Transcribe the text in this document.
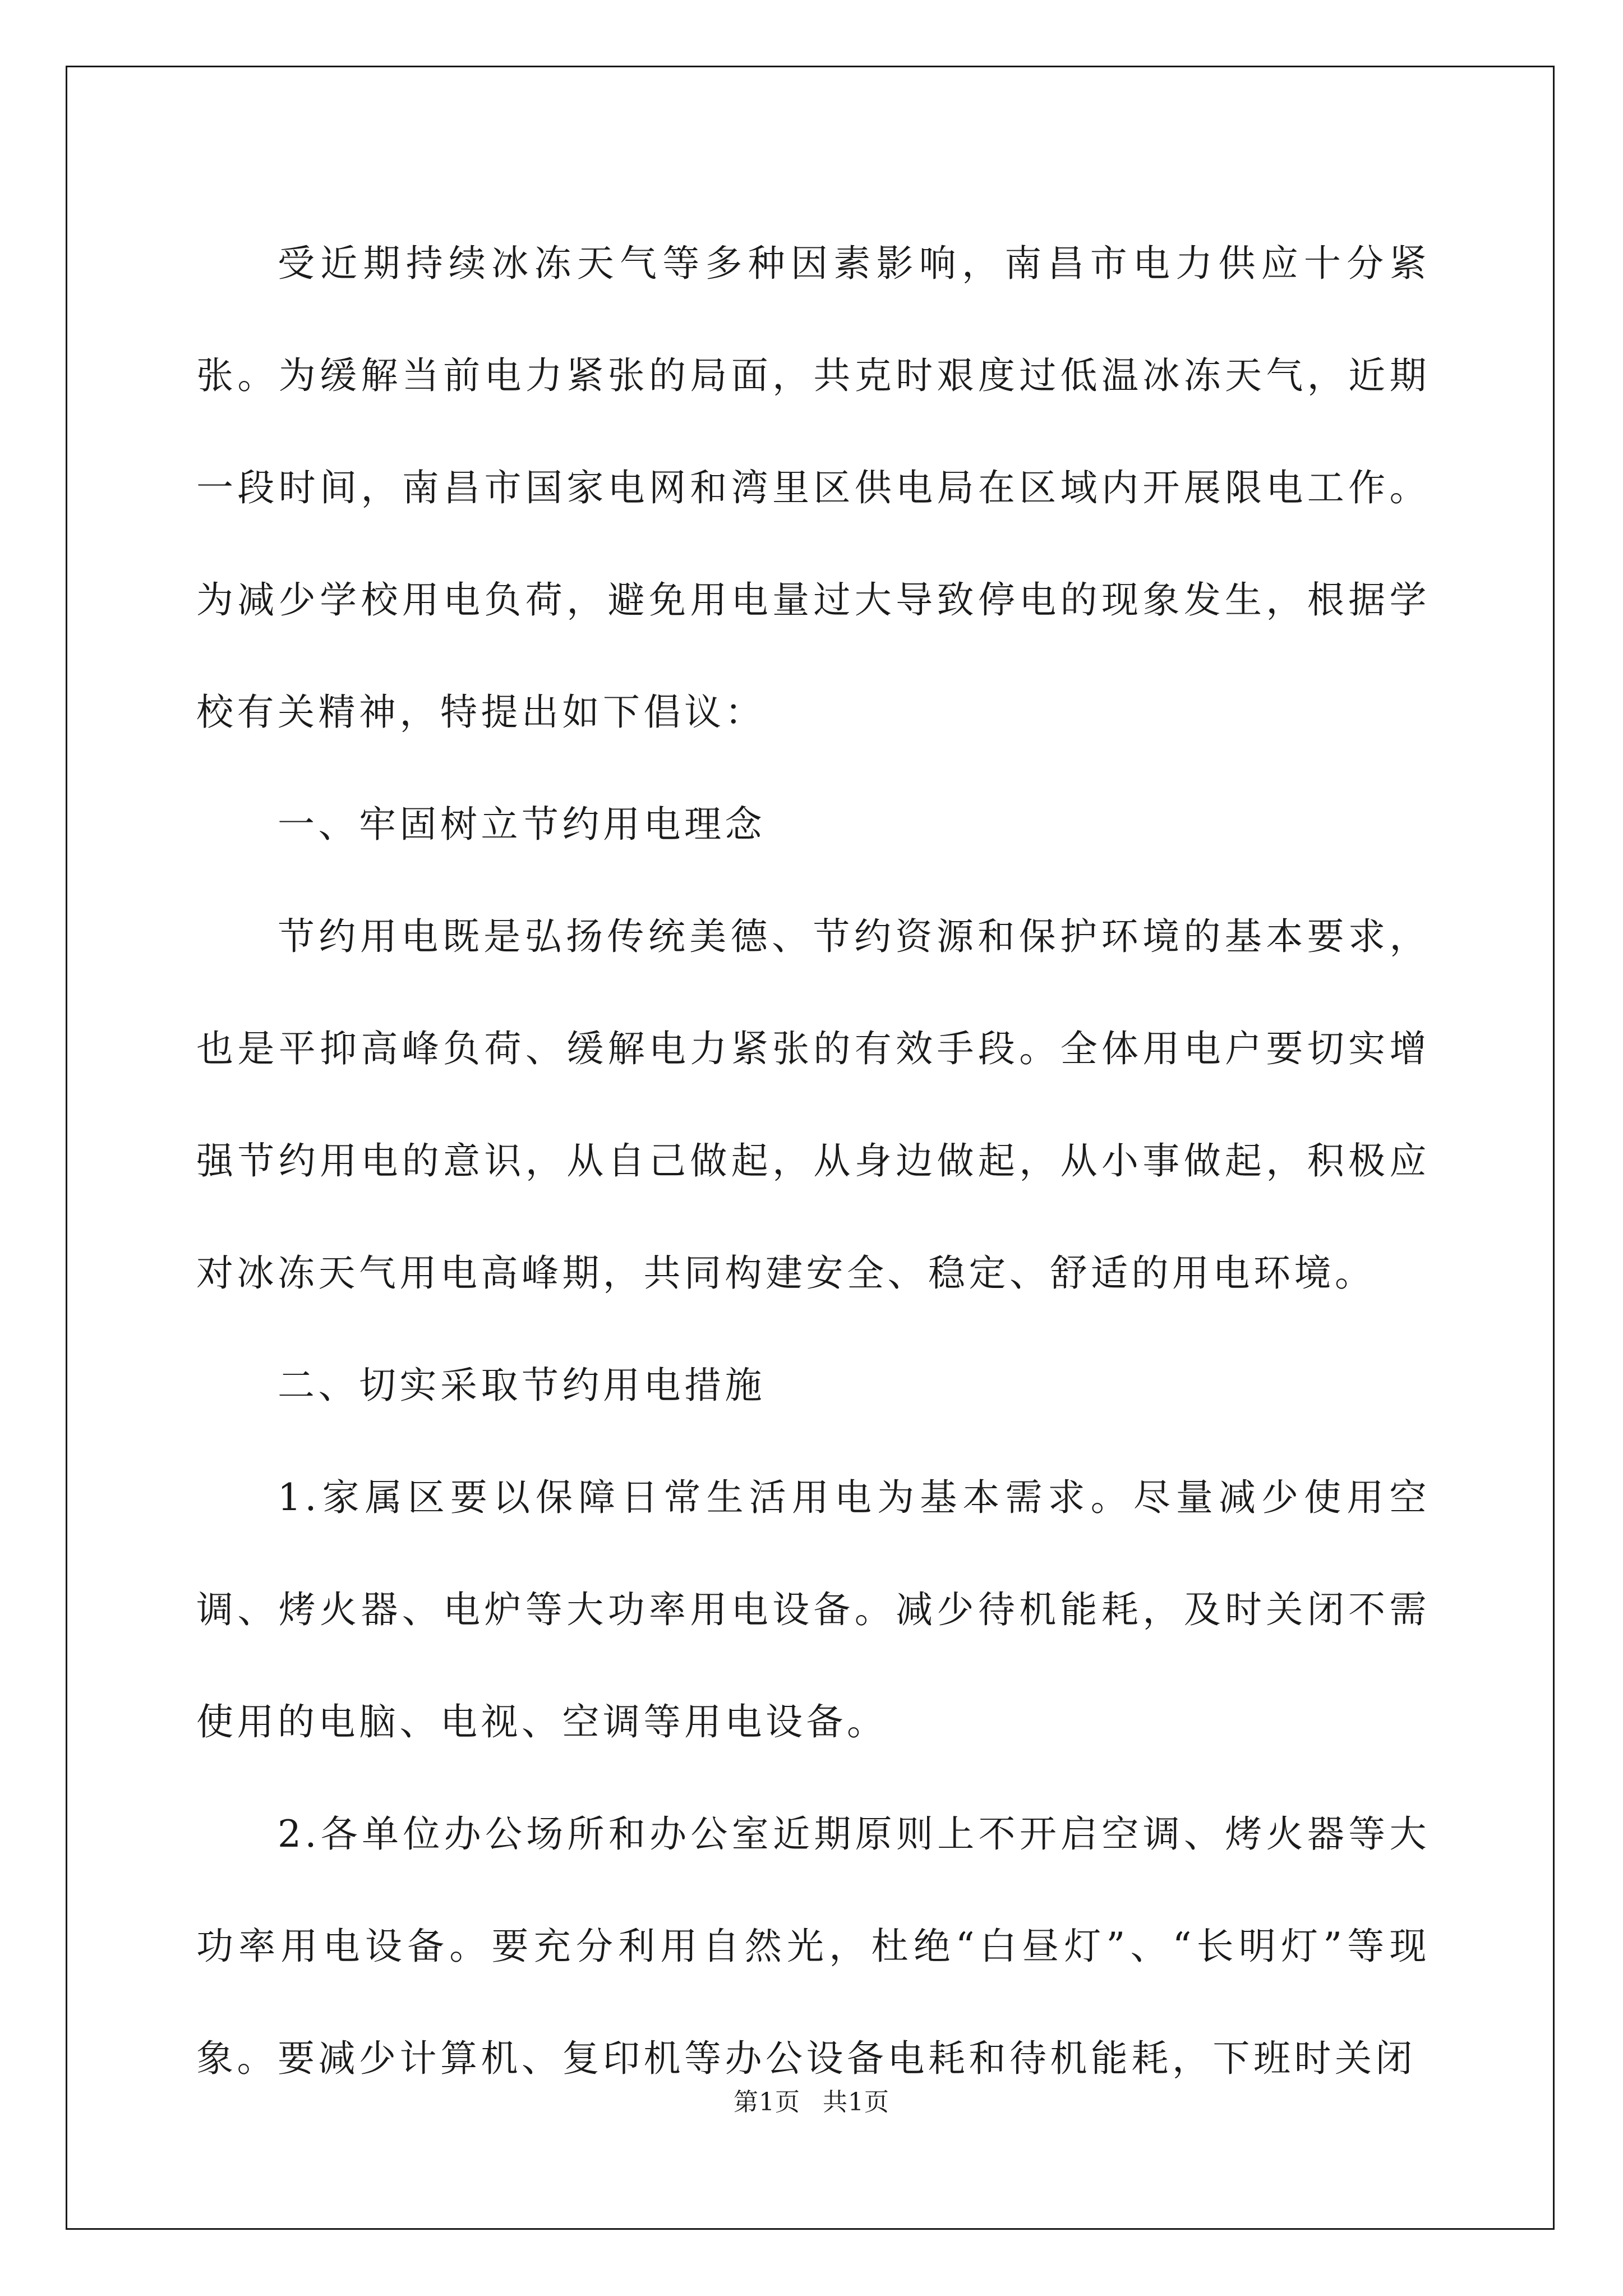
受近期持续冰冻天气等多种因素影响，南昌市电力供应十分紧张。为缓解当前电力紧张的局面，共克时艰度过低温冰冻天气，近期一段时间，南昌市国家电网和湾里区供电局在区域内开展限电工作。为减少学校用电负荷，避免用电量过大导致停电的现象发生，根据学校有关精神，特提出如下倡议：

一、牢固树立节约用电理念

节约用电既是弘扬传统美德、节约资源和保护环境的基本要求，也是平抑高峰负荷、缓解电力紧张的有效手段。全体用电户要切实增强节约用电的意识，从自己做起，从身边做起，从小事做起，积极应对冰冻天气用电高峰期，共同构建安全、稳定、舒适的用电环境。

二、切实采取节约用电措施

1.家属区要以保障日常生活用电为基本需求。尽量减少使用空调、烤火器、电炉等大功率用电设备。减少待机能耗，及时关闭不需使用的电脑、电视、空调等用电设备。

2.各单位办公场所和办公室近期原则上不开启空调、烤火器等大功率用电设备。要充分利用自然光，杜绝“白昼灯”、“长明灯”等现象。要减少计算机、复印机等办公设备电耗和待机能耗，下班时关闭

第1页 共1页
